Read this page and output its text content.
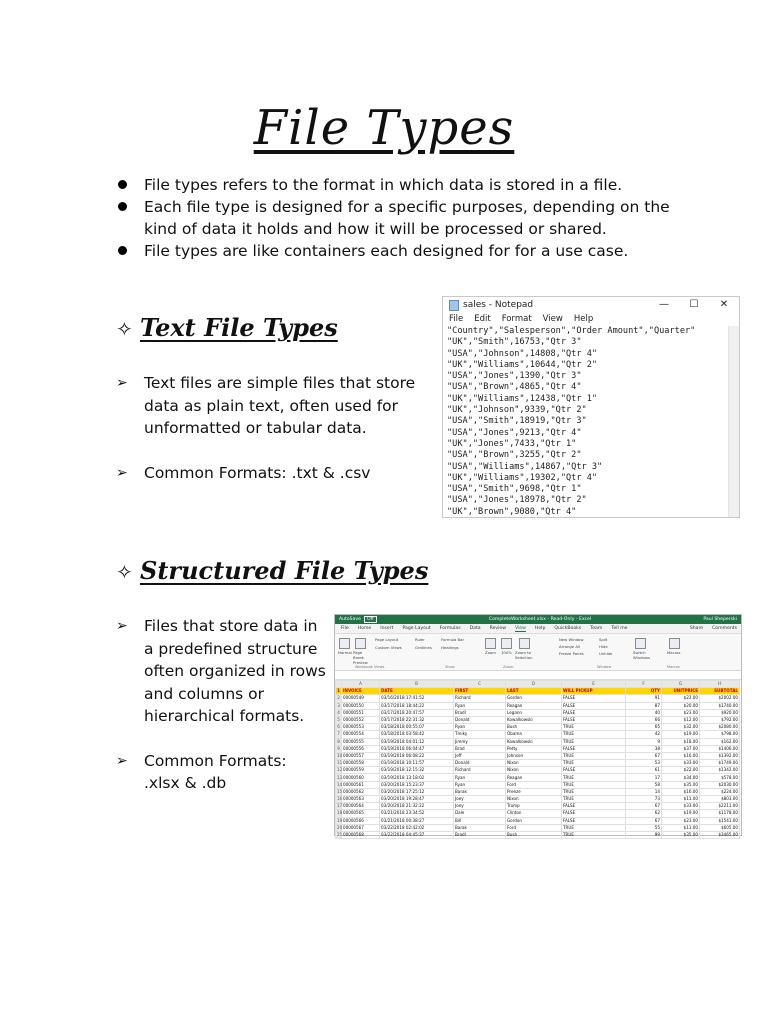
File Types
File types refers to the format in which data is stored in a file.
Each file type is designed for a specific purposes, depending on the kind of data it holds and how it will be processed or shared.
File types are like containers each designed for for a use case.
✧ Text File Types
➢ Text files are simple files that store data as plain text, often used for unformatted or tabular data.
➢ Common Formats: .txt & .csv
sales - Notepad	—	☐	✕
File Edit Format View Help
"Country","Salesperson","Order Amount","Quarter"
"UK","Smith",16753,"Qtr 3"
"USA","Johnson",14808,"Qtr 4"
"UK","Williams",10644,"Qtr 2"
"USA","Jones",1390,"Qtr 3"
"USA","Brown",4865,"Qtr 4"
"UK","Williams",12438,"Qtr 1"
"UK","Johnson",9339,"Qtr 2"
"USA","Smith",18919,"Qtr 3"
"USA","Jones",9213,"Qtr 4"
"UK","Jones",7433,"Qtr 1"
"USA","Brown",3255,"Qtr 2"
"USA","Williams",14867,"Qtr 3"
"UK","Williams",19302,"Qtr 4"
"USA","Smith",9698,"Qtr 1"
"USA","Jones",18978,"Qtr 2"
"UK","Brown",9080,"Qtr 4"
✧ Structured File Types
➢ Files that store data in a predefined structure often organized in rows and columns or hierarchical formats.
➢ Common Formats: .xlsx & .db
AutoSave	Off	CompleteWorksheet.xlsx - Read-Only - Excel	Paul Sheperski
File Home Insert Page Layout Formulas Data Review View Help QuickBooks Team Tell me	Share Comments
Normal Page Break Preview
Page Layout
Custom Views
Ruler
Gridlines
Formula Bar
Headings
Zoom 100% Zoom to Selection
New Window
Arrange All
Freeze Panes
Split
Hide
Unhide	Switch Windows
Macros
Workbook Views	Show	Zoom	Window	Macros
	A	B	C	D	E	F	G	H
1	INVOICE	DATE	FIRST	LAST	WILL PICKUP	QTY	UNITPRICE	SUBTOTAL
2	00000549	03/16/2018 17:41:52	Richard	Gordon	FALSE	91	$22.00	$2002.00
3	00000550	03/17/2018 18:44:22	Ryan	Reagan	FALSE	87	$20.00	$1740.00
4	00000551	03/17/2018 20:47:57	Bradl	Legann	FALSE	40	$23.00	$920.00
5	00000552	03/17/2018 22:31:32	Donald	Kowalkowski	FALSE	66	$12.00	$792.00
6	00000553	03/18/2018 00:55:07	Ryan	Bush	TRUE	65	$32.00	$2080.00
7	00000554	03/18/2018 03:58:42	Tmiky	Obama	TRUE	42	$19.00	$798.00
8	00000555	03/19/2018 04:01:12	Jimmy	Kowalkowski	TRUE	9	$18.00	$162.00
9	00000556	03/19/2018 06:04:47	Brad	Petty	FALSE	38	$37.00	$1406.00
10	00000557	03/19/2018 06:08:22	Jeff	Johnson	TRUE	67	$16.00	$1392.00
11	00000558	03/19/2018 10:11:57	Donald	Nixon	TRUE	53	$33.00	$1749.00
12	00000559	03/19/2018 12:15:32	Richard	Nixon	FALSE	61	$22.00	$1342.00
13	00000560	03/19/2018 13:18:02	Ryan	Reagan	TRUE	17	$34.00	$578.00
14	00000561	03/20/2018 15:23:37	Ryan	Ford	TRUE	58	$35.00	$2030.00
15	00000562	03/20/2018 17:25:12	Barak	Preeze	TRUE	14	$16.00	$224.00
16	00000563	03/20/2018 19:28:47	Joey	Nixon	TRUE	73	$11.00	$803.00
17	00000564	03/20/2018 21:32:22	Joey	Trump	FALSE	67	$33.00	$2211.00
18	00000565	03/21/2018 23:34:52	Dale	Clinton	FALSE	62	$19.00	$1178.00
19	00000566	03/21/2018 00:38:27	Bill	Gordon	FALSE	67	$23.00	$1541.00
20	00000567	03/22/2018 02:42:02	Barak	Ford	TRUE	55	$11.00	$605.00
21	00000568	03/22/2018 04:45:37	Bradl	Bush	TRUE	99	$35.00	$3465.00
